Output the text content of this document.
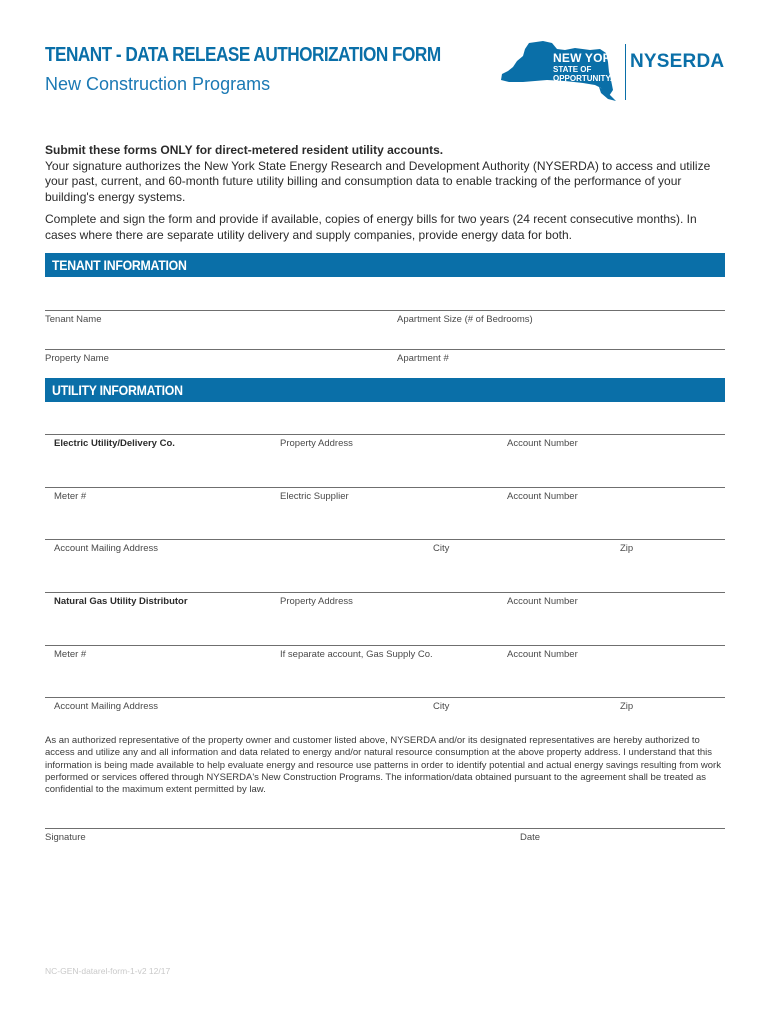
TENANT - DATA RELEASE AUTHORIZATION FORM
New Construction Programs
NEW YORK
STATE OF
OPPORTUNITY.
NYSERDA

Submit these forms ONLY for direct-metered resident utility accounts.

Your signature authorizes the New York State Energy Research and Development Authority (NYSERDA) to access and utilize your past, current, and 60-month future utility billing and consumption data to enable tracking of the performance of your building's energy systems.

Complete and sign the form and provide if available, copies of energy bills for two years (24 recent consecutive months). In cases where there are separate utility delivery and supply companies, provide energy data for both.

TENANT INFORMATION
Tenant Name	Apartment Size (# of Bedrooms)
Property Name	Apartment #
UTILITY INFORMATION
Electric Utility/Delivery Co.	Property Address	Account Number
Meter #	Electric Supplier	Account Number
Account Mailing Address	City	Zip
Natural Gas Utility Distributor	Property Address	Account Number
Meter #	If separate account, Gas Supply Co.	Account Number
Account Mailing Address	City	Zip

As an authorized representative of the property owner and customer listed above, NYSERDA and/or its designated representatives are hereby authorized to access and utilize any and all information and data related to energy and/or natural resource consumption at the above property address. I understand that this information is being made available to help evaluate energy and resource use patterns in order to identify potential and actual energy savings resulting from work performed or services offered through NYSERDA's New Construction Programs. The information/data obtained pursuant to the agreement shall be treated as confidential to the maximum extent permitted by law.

Signature	Date
NC-GEN-datarel-form-1-v2 12/17
